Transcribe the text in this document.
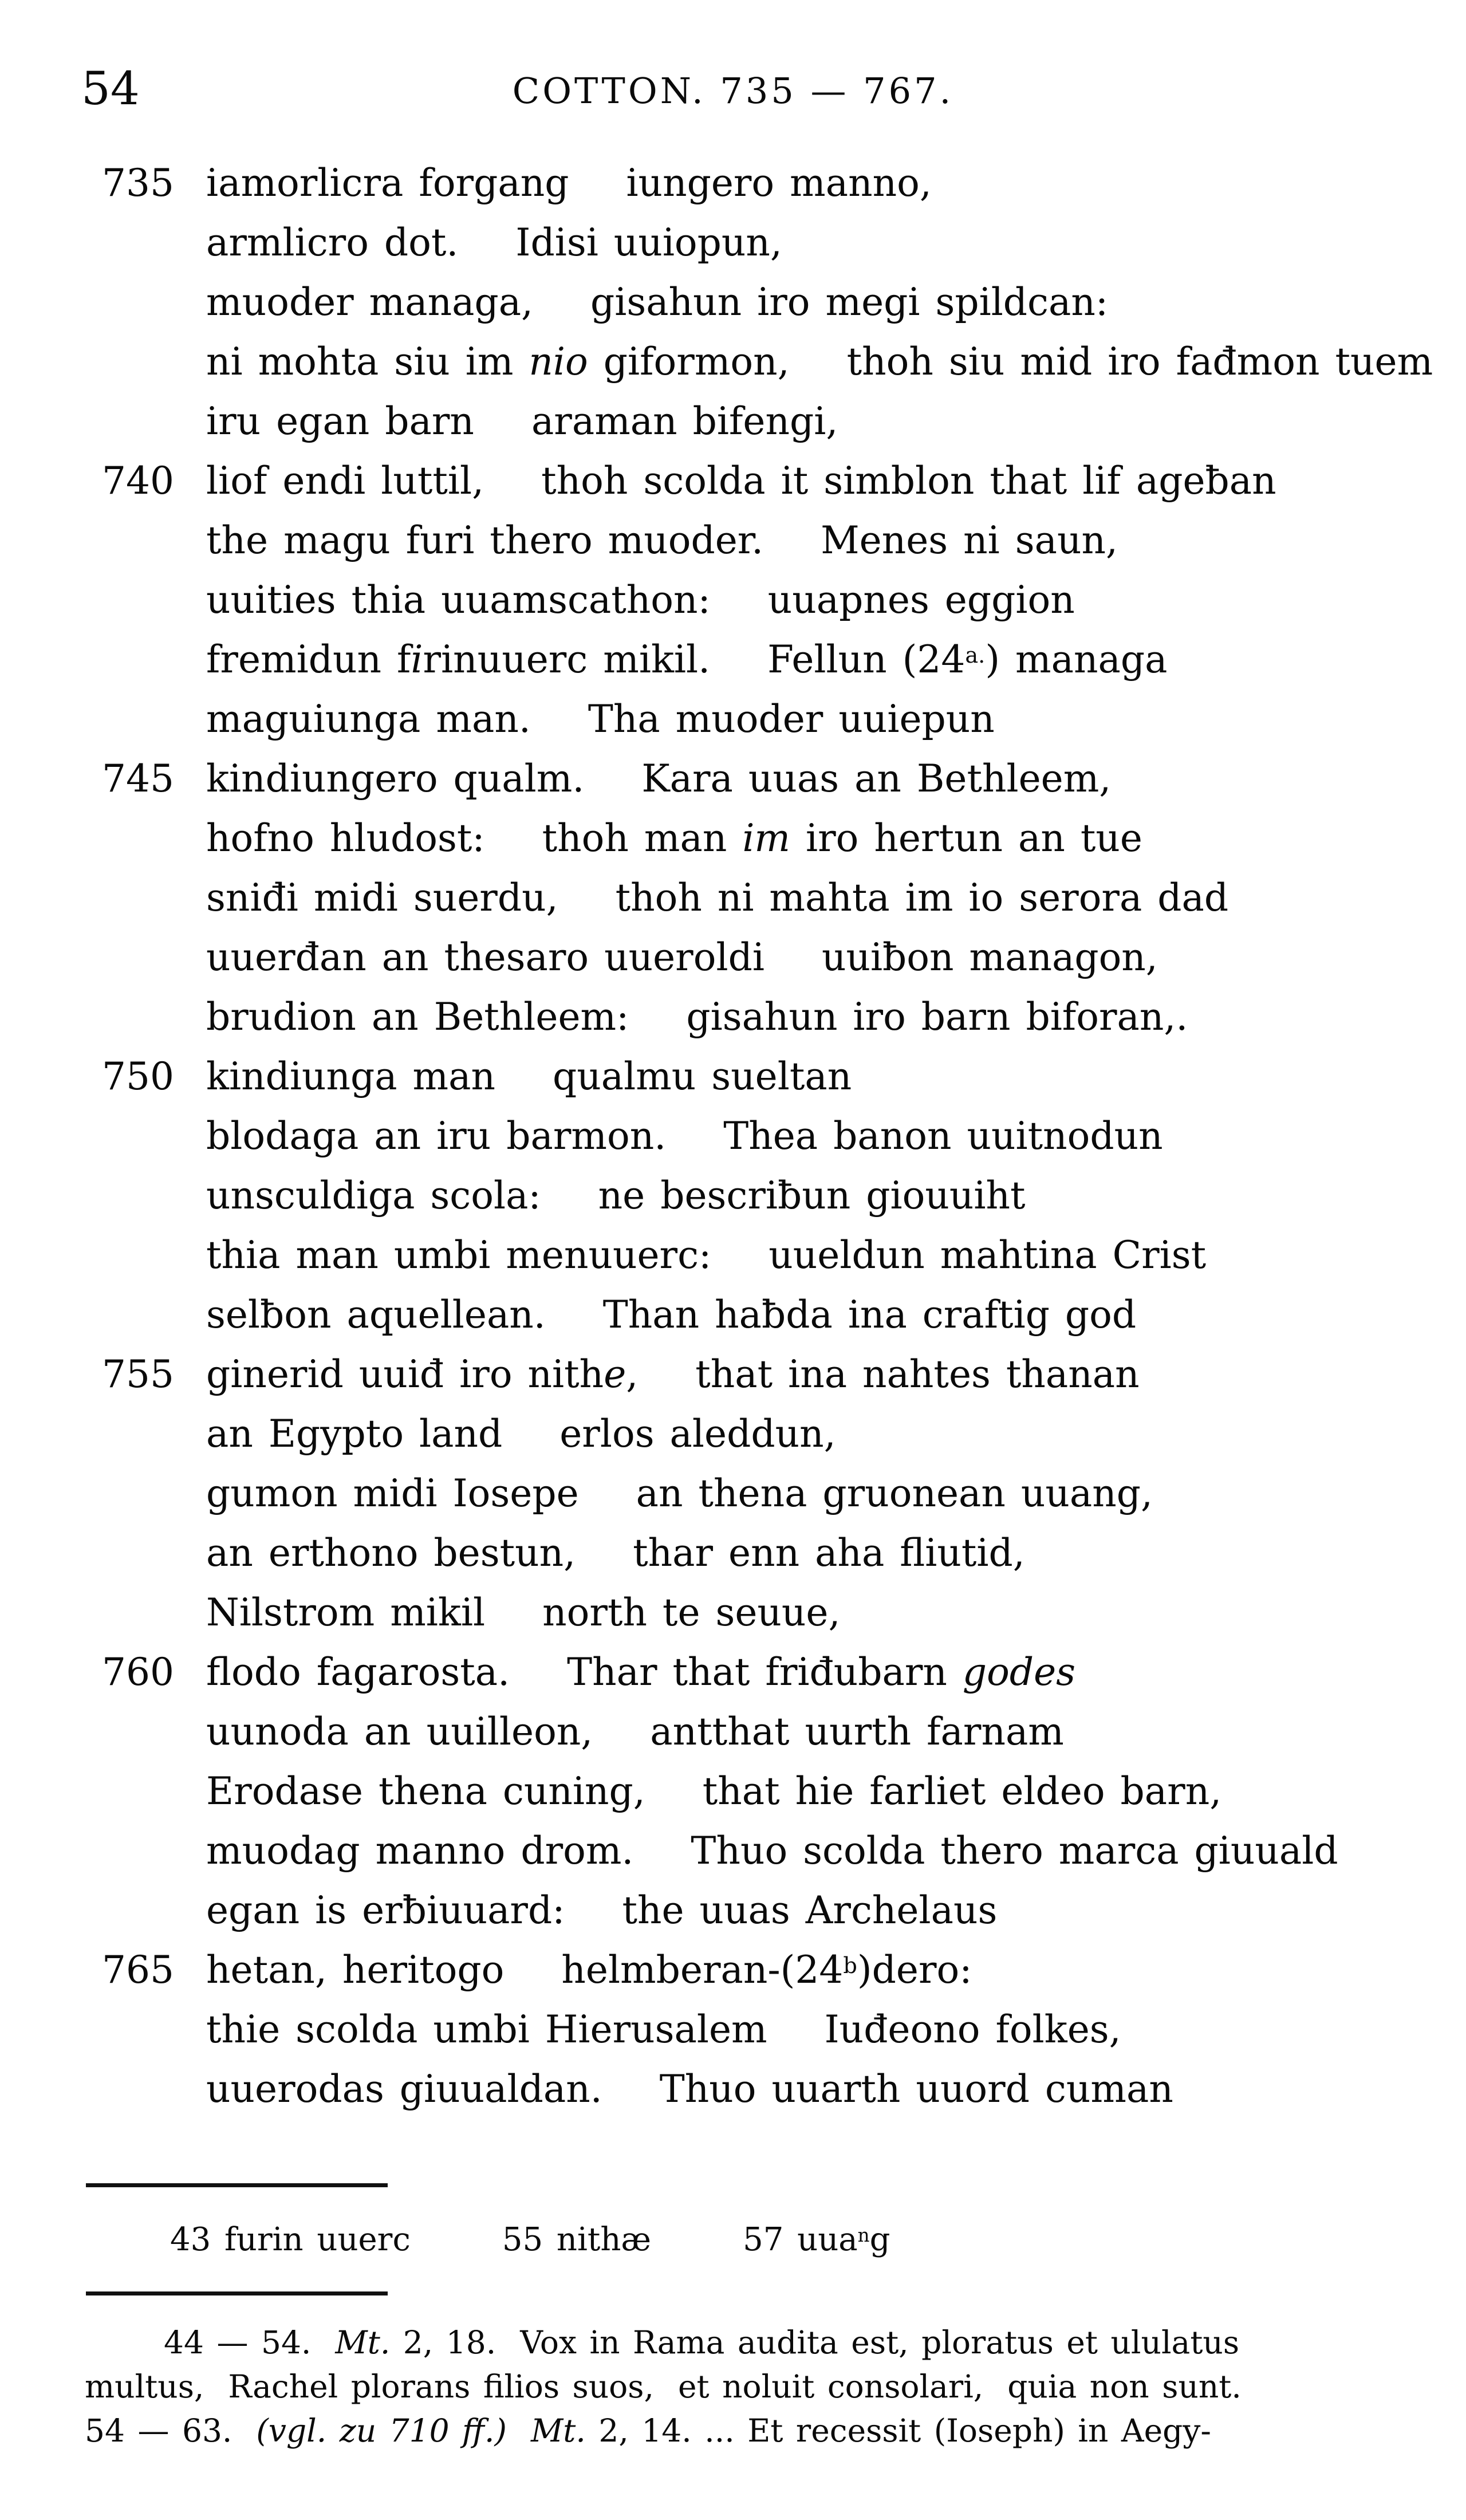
54	COTTON. 735 — 767.
735 iamorlicra forgang iungero manno,
armlicro dot. Idisi uuiopun,
muoder managa, gisahun iro megi spildcan:
ni mohta siu im nio giformon, thoh siu mid iro fađmon tuem
iru egan barn araman bifengi,
740 liof endi luttil, thoh scolda it simblon that lif ageƀan
the magu furi thero muoder. Menes ni saun,
uuities thia uuamscathon: uuapnes eggion
fremidun firinuuerc mikil. Fellun $(24^{a.})$ managa
maguiunga man. Tha muoder uuiepun
745 kindiungero qualm. Kara uuas an Bethleem,
hofno hludost: thoh man im iro hertun an tue
sniđi midi suerdu, thoh ni mahta im io serora dad
uuerđan an thesaro uueroldi uuiƀon managon,
brudion an Bethleem: gisahun iro barn biforan,.
750 kindiunga man qualmu sueltan
blodaga an iru barmon. Thea banon uuitnodun
unsculdiga scola: ne bescriƀun giouuiht
thia man umbi menuuerc: uueldun mahtina Crist
selƀon aquellean. Than haƀda ina craftig god
755 ginerid uuiđ iro nithe, that ina nahtes thanan
an Egypto land erlos aleddun,
gumon midi Iosepe an thena gruonean uuang,
an erthono bestun, thar enn aha fliutid,
Nilstrom mikil north te seuue,
760 flodo fagarosta. Thar that friđubarn godes
uunoda an uuilleon, antthat uurth farnam
Erodase thena cuning, that hie farliet eldeo barn,
muodag manno drom. Thuo scolda thero marca giuuald
egan is erƀiuuard: the uuas Archelaus
765 hetan, heritogo helmberan-(24$^b$)dero:
thie scolda umbi Hierusalem Iuđeono folkes,
uuerodas giuualdan. Thuo uuarth uuord cuman
43 furin uuerc	55 nithæ	57 uua$^n$g
44 — 54. Mt. 2, 18. Vox in Rama audita est, ploratus et ululatus
multus, Rachel plorans filios suos, et noluit consolari, quia non sunt.
54 — 63. (vgl. zu 710 ff.) Mt. 2, 14. ... Et recessit (Ioseph) in Aegy-
